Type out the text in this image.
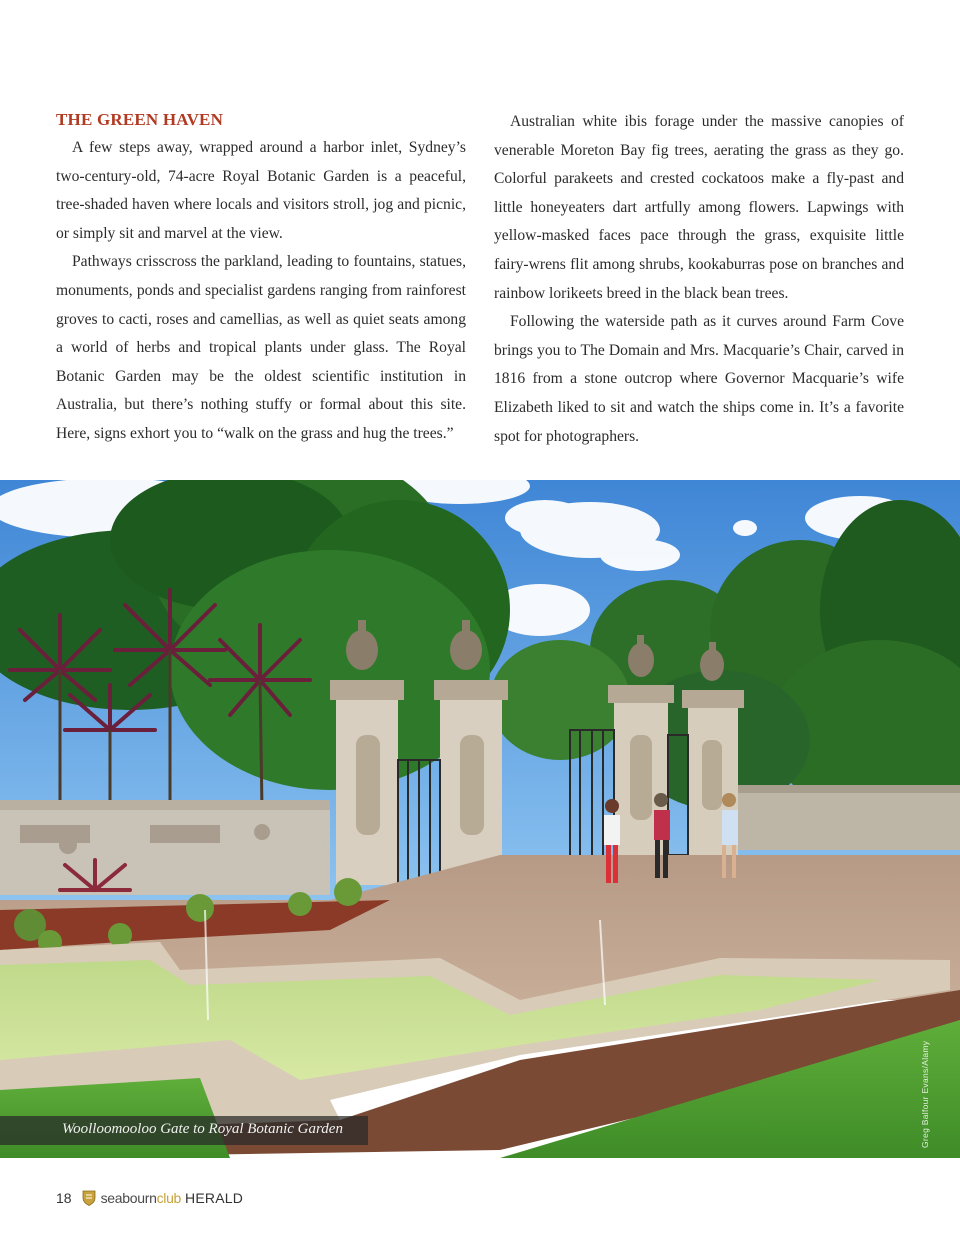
THE GREEN HAVEN

A few steps away, wrapped around a harbor inlet, Sydney’s two-century-old, 74-acre Royal Botanic Garden is a peaceful, tree-shaded haven where locals and visitors stroll, jog and picnic, or simply sit and marvel at the view.

Pathways crisscross the parkland, leading to fountains, statues, monuments, ponds and specialist gardens ranging from rainforest groves to cacti, roses and camellias, as well as quiet seats among a world of herbs and tropical plants under glass. The Royal Botanic Garden may be the oldest scientific institution in Australia, but there’s nothing stuffy or formal about this site. Here, signs exhort you to “walk on the grass and hug the trees.”

Australian white ibis forage under the massive canopies of venerable Moreton Bay fig trees, aerating the grass as they go. Colorful parakeets and crested cockatoos make a fly-past and little honeyeaters dart artfully among flowers. Lapwings with yellow-masked faces pace through the grass, exquisite little fairy-wrens flit among shrubs, kookaburras pose on branches and rainbow lorikeets breed in the black bean trees.

Following the waterside path as it curves around Farm Cove brings you to The Domain and Mrs. Macquarie’s Chair, carved in 1816 from a stone outcrop where Governor Macquarie’s wife Elizabeth liked to sit and watch the ships come in. It’s a favorite spot for photographers.

Woolloomooloo Gate to Royal Botanic Garden	Greg Balfour Evans/Alamy
18 seabourn club HERALD
